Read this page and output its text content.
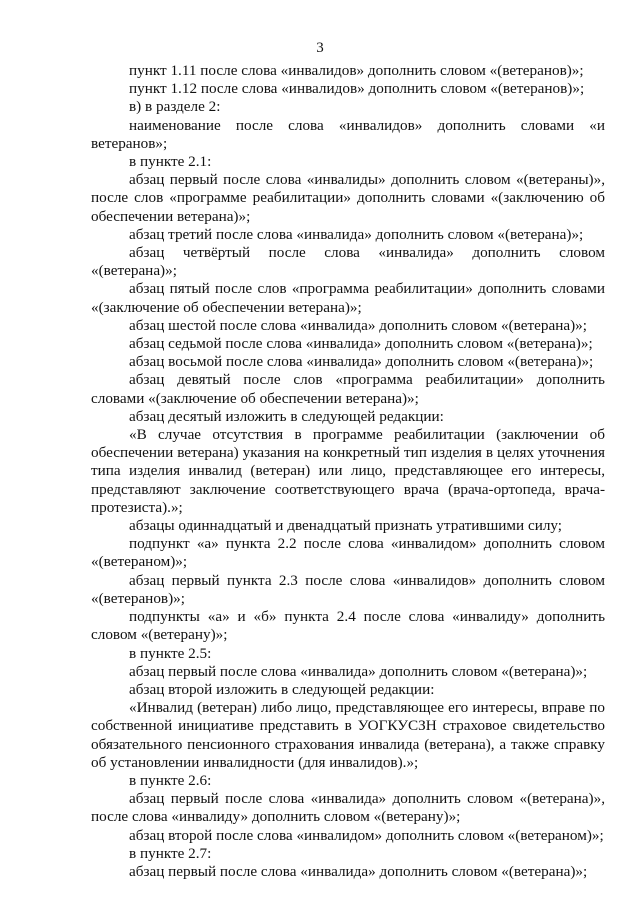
3

пункт 1.11 после слова «инвалидов» дополнить словом «(ветеранов)»;

пункт 1.12 после слова «инвалидов» дополнить словом «(ветеранов)»;

в) в разделе 2:

наименование после слова «инвалидов» дополнить словами «и ветеранов»;

в пункте 2.1:

абзац первый после слова «инвалиды» дополнить словом «(ветераны)», после слов «программе реабилитации» дополнить словами «(заключению об обеспечении ветерана)»;

абзац третий после слова «инвалида» дополнить словом «(ветерана)»;

абзац четвёртый после слова «инвалида» дополнить словом «(ветерана)»;

абзац пятый после слов «программа реабилитации» дополнить словами «(заключение об обеспечении ветерана)»;

абзац шестой после слова «инвалида» дополнить словом «(ветерана)»;

абзац седьмой после слова «инвалида» дополнить словом «(ветерана)»;

абзац восьмой после слова «инвалида» дополнить словом «(ветерана)»;

абзац девятый после слов «программа реабилитации» дополнить словами «(заключение об обеспечении ветерана)»;

абзац десятый изложить в следующей редакции:

«В случае отсутствия в программе реабилитации (заключении об обеспечении ветерана) указания на конкретный тип изделия в целях уточнения типа изделия инвалид (ветеран) или лицо, представляющее его интересы, представляют заключение соответствующего врача (врача-ортопеда, врача-протезиста).»;

абзацы одиннадцатый и двенадцатый признать утратившими силу;

подпункт «а» пункта 2.2 после слова «инвалидом» дополнить словом «(ветераном)»;

абзац первый пункта 2.3 после слова «инвалидов» дополнить словом «(ветеранов)»;

подпункты «а» и «б» пункта 2.4 после слова «инвалиду» дополнить словом «(ветерану)»;

в пункте 2.5:

абзац первый после слова «инвалида» дополнить словом «(ветерана)»;

абзац второй изложить в следующей редакции:

«Инвалид (ветеран) либо лицо, представляющее его интересы, вправе по собственной инициативе представить в УОГКУСЗН страховое свидетельство обязательного пенсионного страхования инвалида (ветерана), а также справку об установлении инвалидности (для инвалидов).»;

в пункте 2.6:

абзац первый после слова «инвалида» дополнить словом «(ветерана)», после слова «инвалиду» дополнить словом «(ветерану)»;

абзац второй после слова «инвалидом» дополнить словом «(ветераном)»;

в пункте 2.7:

абзац первый после слова «инвалида» дополнить словом «(ветерана)»;
